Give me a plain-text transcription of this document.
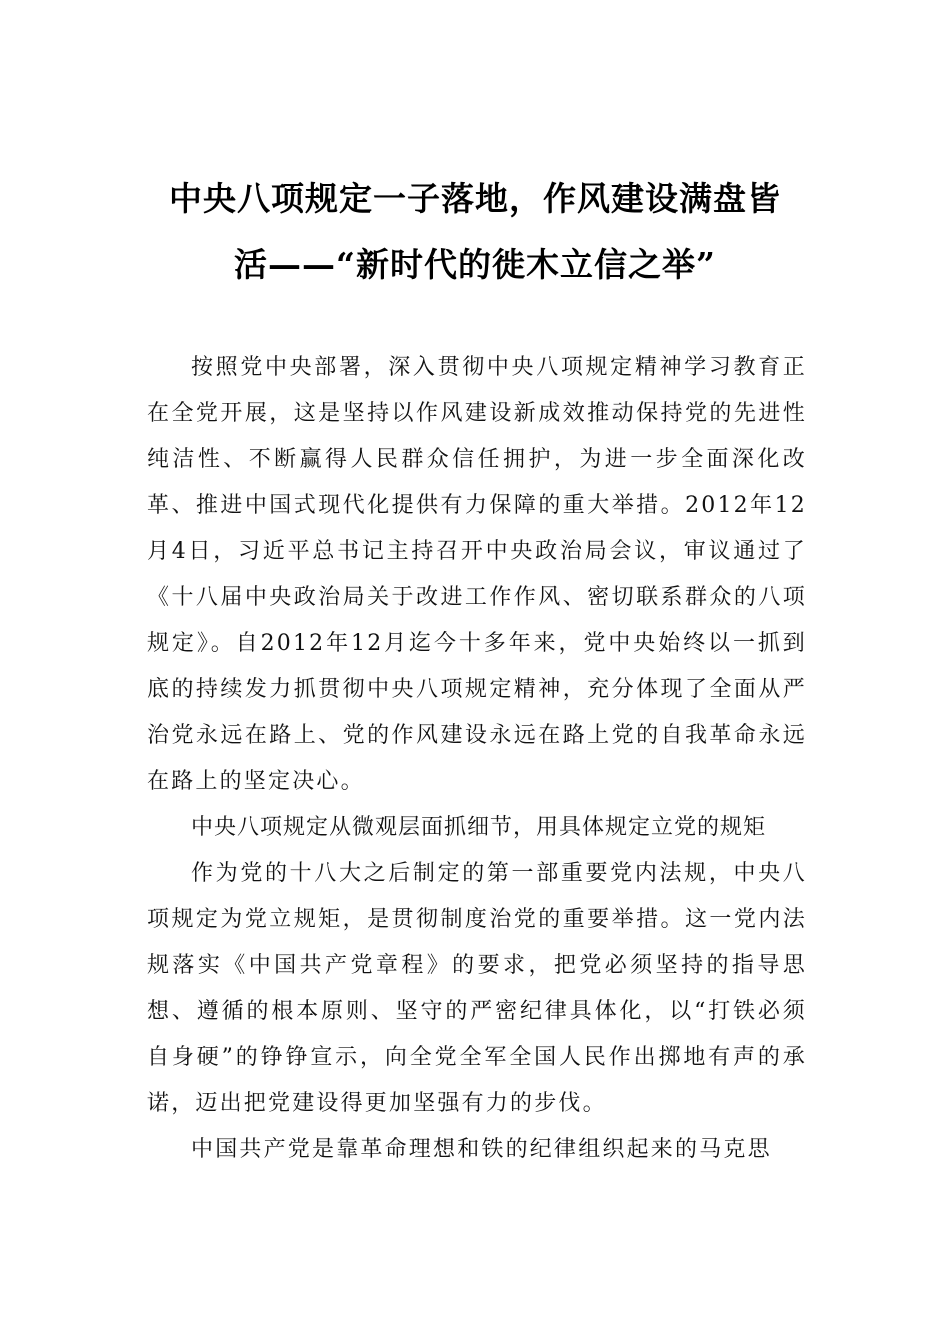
中央八项规定一子落地，作风建设满盘皆
活——“新时代的徙木立信之举”

按照党中央部署，深入贯彻中央八项规定精神学习教育正在全党开展，这是坚持以作风建设新成效推动保持党的先进性纯洁性、不断赢得人民群众信任拥护，为进一步全面深化改革、推进中国式现代化提供有力保障的重大举措。2012年12月4日，习近平总书记主持召开中央政治局会议，审议通过了《十八届中央政治局关于改进工作作风、密切联系群众的八项规定》。自2012年12月迄今十多年来，党中央始终以一抓到底的持续发力抓贯彻中央八项规定精神，充分体现了全面从严治党永远在路上、党的作风建设永远在路上党的自我革命永远在路上的坚定决心。

中央八项规定从微观层面抓细节，用具体规定立党的规矩

作为党的十八大之后制定的第一部重要党内法规，中央八项规定为党立规矩，是贯彻制度治党的重要举措。这一党内法规落实《中国共产党章程》的要求，把党必须坚持的指导思想、遵循的根本原则、坚守的严密纪律具体化，以“打铁必须自身硬”的铮铮宣示，向全党全军全国人民作出掷地有声的承诺，迈出把党建设得更加坚强有力的步伐。

中国共产党是靠革命理想和铁的纪律组织起来的马克思
